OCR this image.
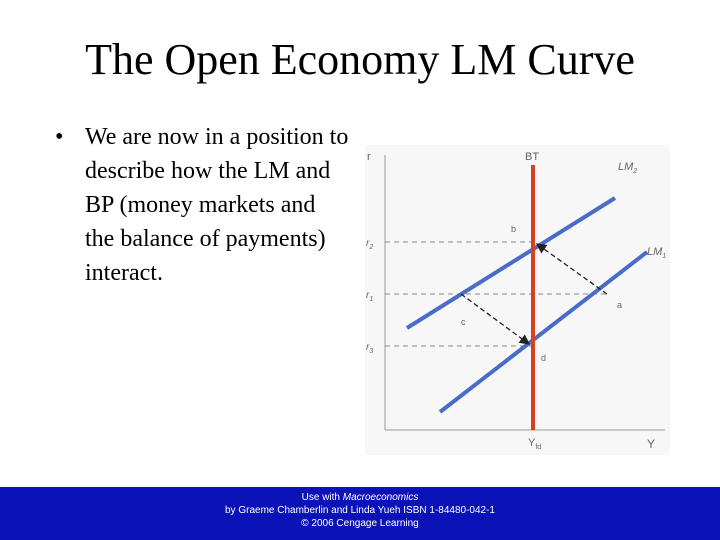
The Open Economy LM Curve
• We are now in a position to describe how the LM and BP (money markets and the balance of payments) interact.
r
Y
BT
$LM_2$
$LM_1$
$r_2$
$r_1$
$r_3$
$Y_{fd}$
a
b
c
d
Use with Macroeconomics
by Graeme Chamberlin and Linda Yueh ISBN 1-84480-042-1
© 2006 Cengage Learning
